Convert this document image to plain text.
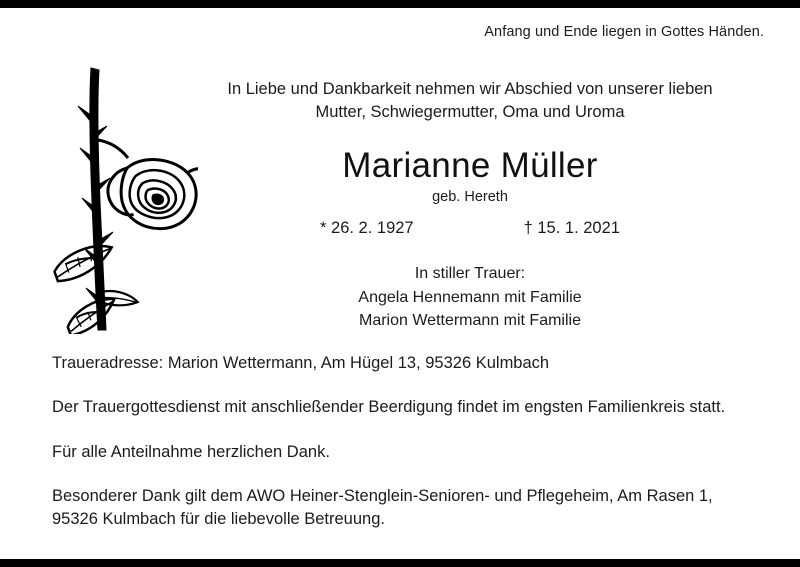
Anfang und Ende liegen in Gottes Händen.
In Liebe und Dankbarkeit nehmen wir Abschied von unserer lieben
Mutter, Schwiegermutter, Oma und Uroma
Marianne Müller
geb. Hereth
* 26. 2. 1927	† 15. 1. 2021
In stiller Trauer:
Angela Hennemann mit Familie
Marion Wettermann mit Familie
Traueradresse: Marion Wettermann, Am Hügel 13, 95326 Kulmbach
Der Trauergottesdienst mit anschließender Beerdigung findet im engsten Familienkreis statt.
Für alle Anteilnahme herzlichen Dank.
Besonderer Dank gilt dem AWO Heiner-Stenglein-Senioren- und Pflegeheim, Am Rasen 1,
95326 Kulmbach für die liebevolle Betreuung.
